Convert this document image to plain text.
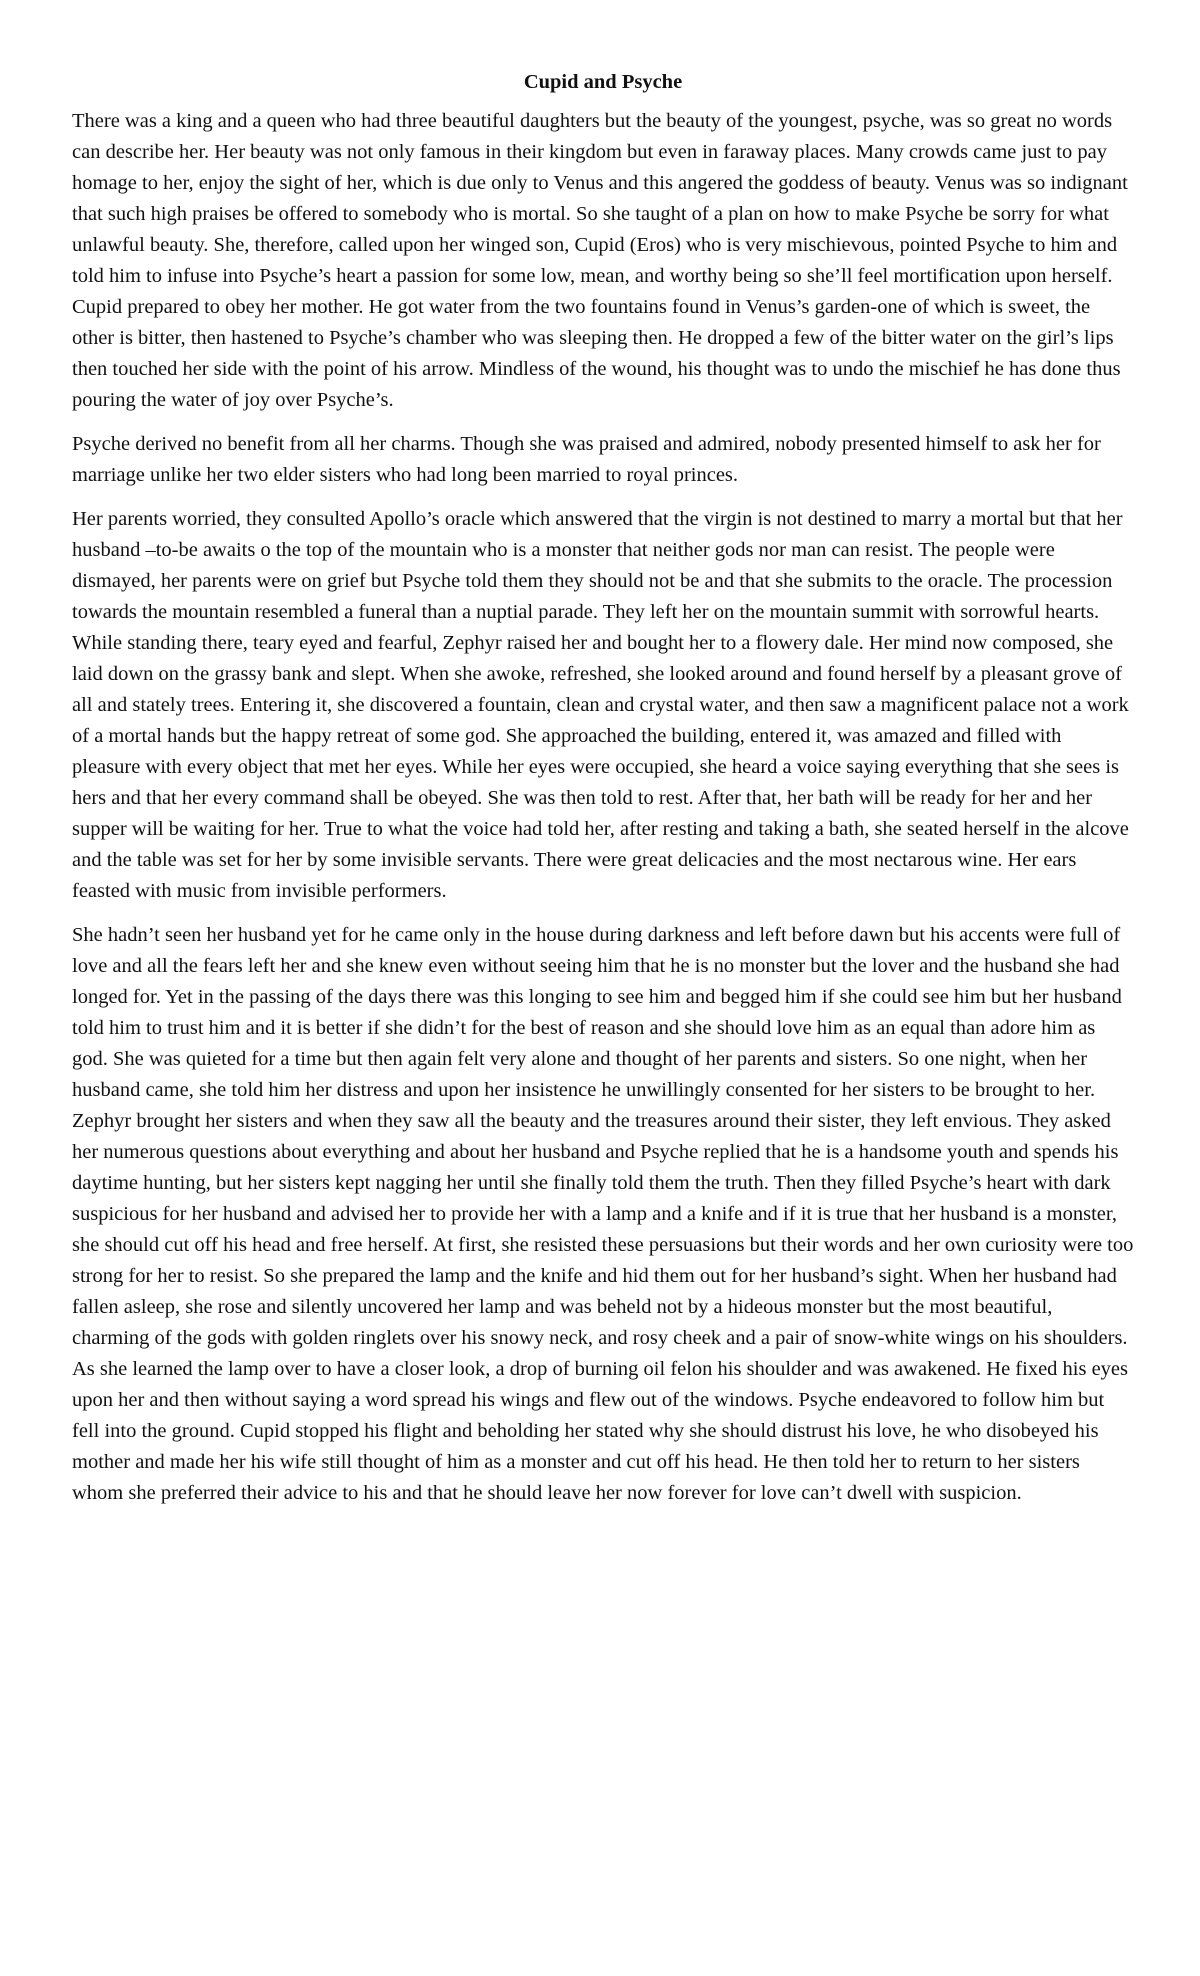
Cupid and Psyche

There was a king and a queen who had three beautiful daughters but the beauty of the youngest, psyche, was so great no words can describe her. Her beauty was not only famous in their kingdom but even in faraway places. Many crowds came just to pay homage to her, enjoy the sight of her, which is due only to Venus and this angered the goddess of beauty. Venus was so indignant that such high praises be offered to somebody who is mortal. So she taught of a plan on how to make Psyche be sorry for what unlawful beauty. She, therefore, called upon her winged son, Cupid (Eros) who is very mischievous, pointed Psyche to him and told him to infuse into Psyche’s heart a passion for some low, mean, and worthy being so she’ll feel mortification upon herself. Cupid prepared to obey her mother. He got water from the two fountains found in Venus’s garden-one of which is sweet, the other is bitter, then hastened to Psyche’s chamber who was sleeping then. He dropped a few of the bitter water on the girl’s lips then touched her side with the point of his arrow. Mindless of the wound, his thought was to undo the mischief he has done thus pouring the water of joy over Psyche’s.

Psyche derived no benefit from all her charms. Though she was praised and admired, nobody presented himself to ask her for marriage unlike her two elder sisters who had long been married to royal princes.

Her parents worried, they consulted Apollo’s oracle which answered that the virgin is not destined to marry a mortal but that her husband –to-be awaits o the top of the mountain who is a monster that neither gods nor man can resist. The people were dismayed, her parents were on grief but Psyche told them they should not be and that she submits to the oracle. The procession towards the mountain resembled a funeral than a nuptial parade. They left her on the mountain summit with sorrowful hearts. While standing there, teary eyed and fearful, Zephyr raised her and bought her to a flowery dale. Her mind now composed, she laid down on the grassy bank and slept. When she awoke, refreshed, she looked around and found herself by a pleasant grove of all and stately trees. Entering it, she discovered a fountain, clean and crystal water, and then saw a magnificent palace not a work of a mortal hands but the happy retreat of some god. She approached the building, entered it, was amazed and filled with pleasure with every object that met her eyes. While her eyes were occupied, she heard a voice saying everything that she sees is hers and that her every command shall be obeyed. She was then told to rest. After that, her bath will be ready for her and her supper will be waiting for her. True to what the voice had told her, after resting and taking a bath, she seated herself in the alcove and the table was set for her by some invisible servants. There were great delicacies and the most nectarous wine. Her ears feasted with music from invisible performers.

She hadn’t seen her husband yet for he came only in the house during darkness and left before dawn but his accents were full of love and all the fears left her and she knew even without seeing him that he is no monster but the lover and the husband she had longed for. Yet in the passing of the days there was this longing to see him and begged him if she could see him but her husband told him to trust him and it is better if she didn’t for the best of reason and she should love him as an equal than adore him as god. She was quieted for a time but then again felt very alone and thought of her parents and sisters. So one night, when her husband came, she told him her distress and upon her insistence he unwillingly consented for her sisters to be brought to her. Zephyr brought her sisters and when they saw all the beauty and the treasures around their sister, they left envious. They asked her numerous questions about everything and about her husband and Psyche replied that he is a handsome youth and spends his daytime hunting, but her sisters kept nagging her until she finally told them the truth. Then they filled Psyche’s heart with dark suspicious for her husband and advised her to provide her with a lamp and a knife and if it is true that her husband is a monster, she should cut off his head and free herself. At first, she resisted these persuasions but their words and her own curiosity were too strong for her to resist. So she prepared the lamp and the knife and hid them out for her husband’s sight. When her husband had fallen asleep, she rose and silently uncovered her lamp and was beheld not by a hideous monster but the most beautiful, charming of the gods with golden ringlets over his snowy neck, and rosy cheek and a pair of snow-white wings on his shoulders. As she learned the lamp over to have a closer look, a drop of burning oil felon his shoulder and was awakened. He fixed his eyes upon her and then without saying a word spread his wings and flew out of the windows. Psyche endeavored to follow him but fell into the ground. Cupid stopped his flight and beholding her stated why she should distrust his love, he who disobeyed his mother and made her his wife still thought of him as a monster and cut off his head. He then told her to return to her sisters whom she preferred their advice to his and that he should leave her now forever for love can’t dwell with suspicion.
